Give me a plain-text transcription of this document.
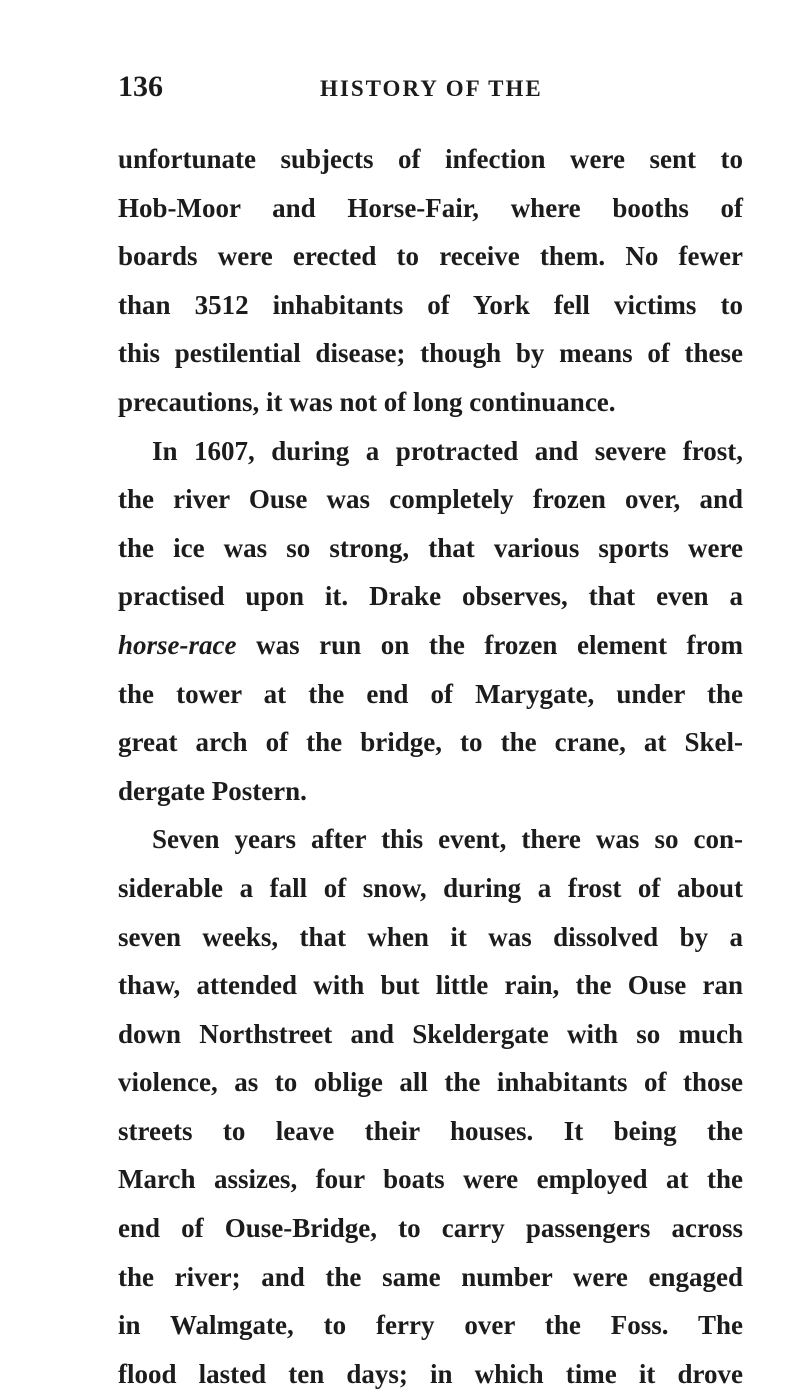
136	HISTORY OF THE
unfortunate subjects of infection were sent to
Hob-Moor and Horse-Fair, where booths of
boards were erected to receive them. No fewer
than 3512 inhabitants of York fell victims to
this pestilential disease; though by means of these
precautions, it was not of long continuance.
In 1607, during a protracted and severe frost,
the river Ouse was completely frozen over, and
the ice was so strong, that various sports were
practised upon it. Drake observes, that even a
horse-race was run on the frozen element from
the tower at the end of Marygate, under the
great arch of the bridge, to the crane, at Skel-
dergate Postern.
Seven years after this event, there was so con-
siderable a fall of snow, during a frost of about
seven weeks, that when it was dissolved by a
thaw, attended with but little rain, the Ouse ran
down Northstreet and Skeldergate with so much
violence, as to oblige all the inhabitants of those
streets to leave their houses. It being the
March assizes, four boats were employed at the
end of Ouse-Bridge, to carry passengers across
the river; and the same number were engaged
in Walmgate, to ferry over the Foss. The
flood lasted ten days; in which time it drove
